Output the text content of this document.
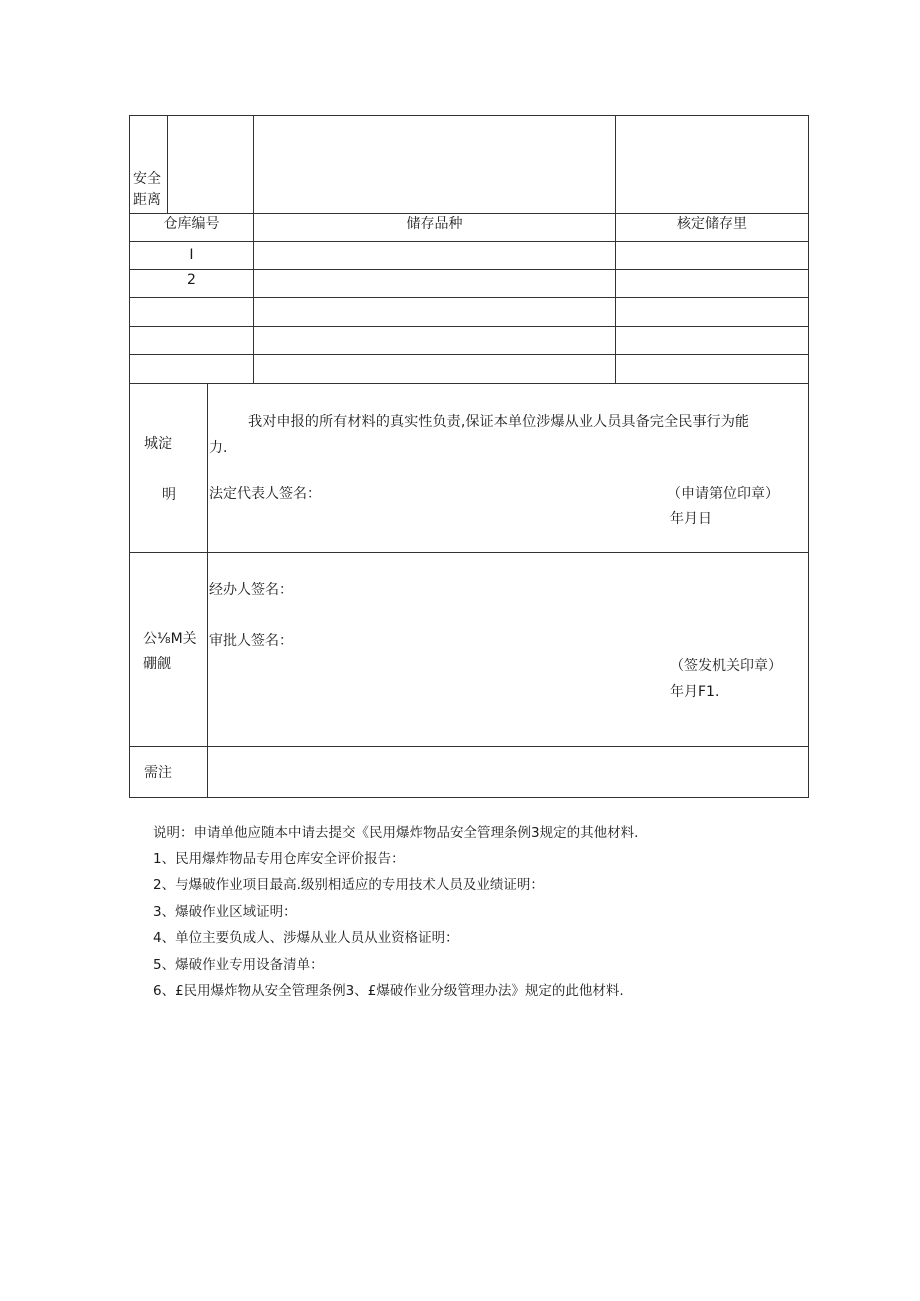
安全
距离
仓库编号	储存品种	核定储存里
I
2
城淀
明
我对申报的所有材料的真实性负责,保证本单位涉爆从业人员具备完全民事行为能
力.
法定代表人签名：	（申请第位印章）
年月日
公⅛M关
硼觎
经办人签名：
审批人签名：
（签发机关印章）
年月F1.
需注
说明：申请单他应随本中请去提交《民用爆炸物品安全管理条例3规定的其他材料.
1、民用爆炸物品专用仓库安全评价报告：
2、与爆破作业项目最高.级别相适应的专用技术人员及业绩证明：
3、爆破作业区域证明：
4、单位主要负成人、涉爆从业人员从业资格证明：
5、爆破作业专用设备清单：
6、£民用爆炸物从安全管理条例3、£爆破作业分级管理办法》规定的此他材料.
